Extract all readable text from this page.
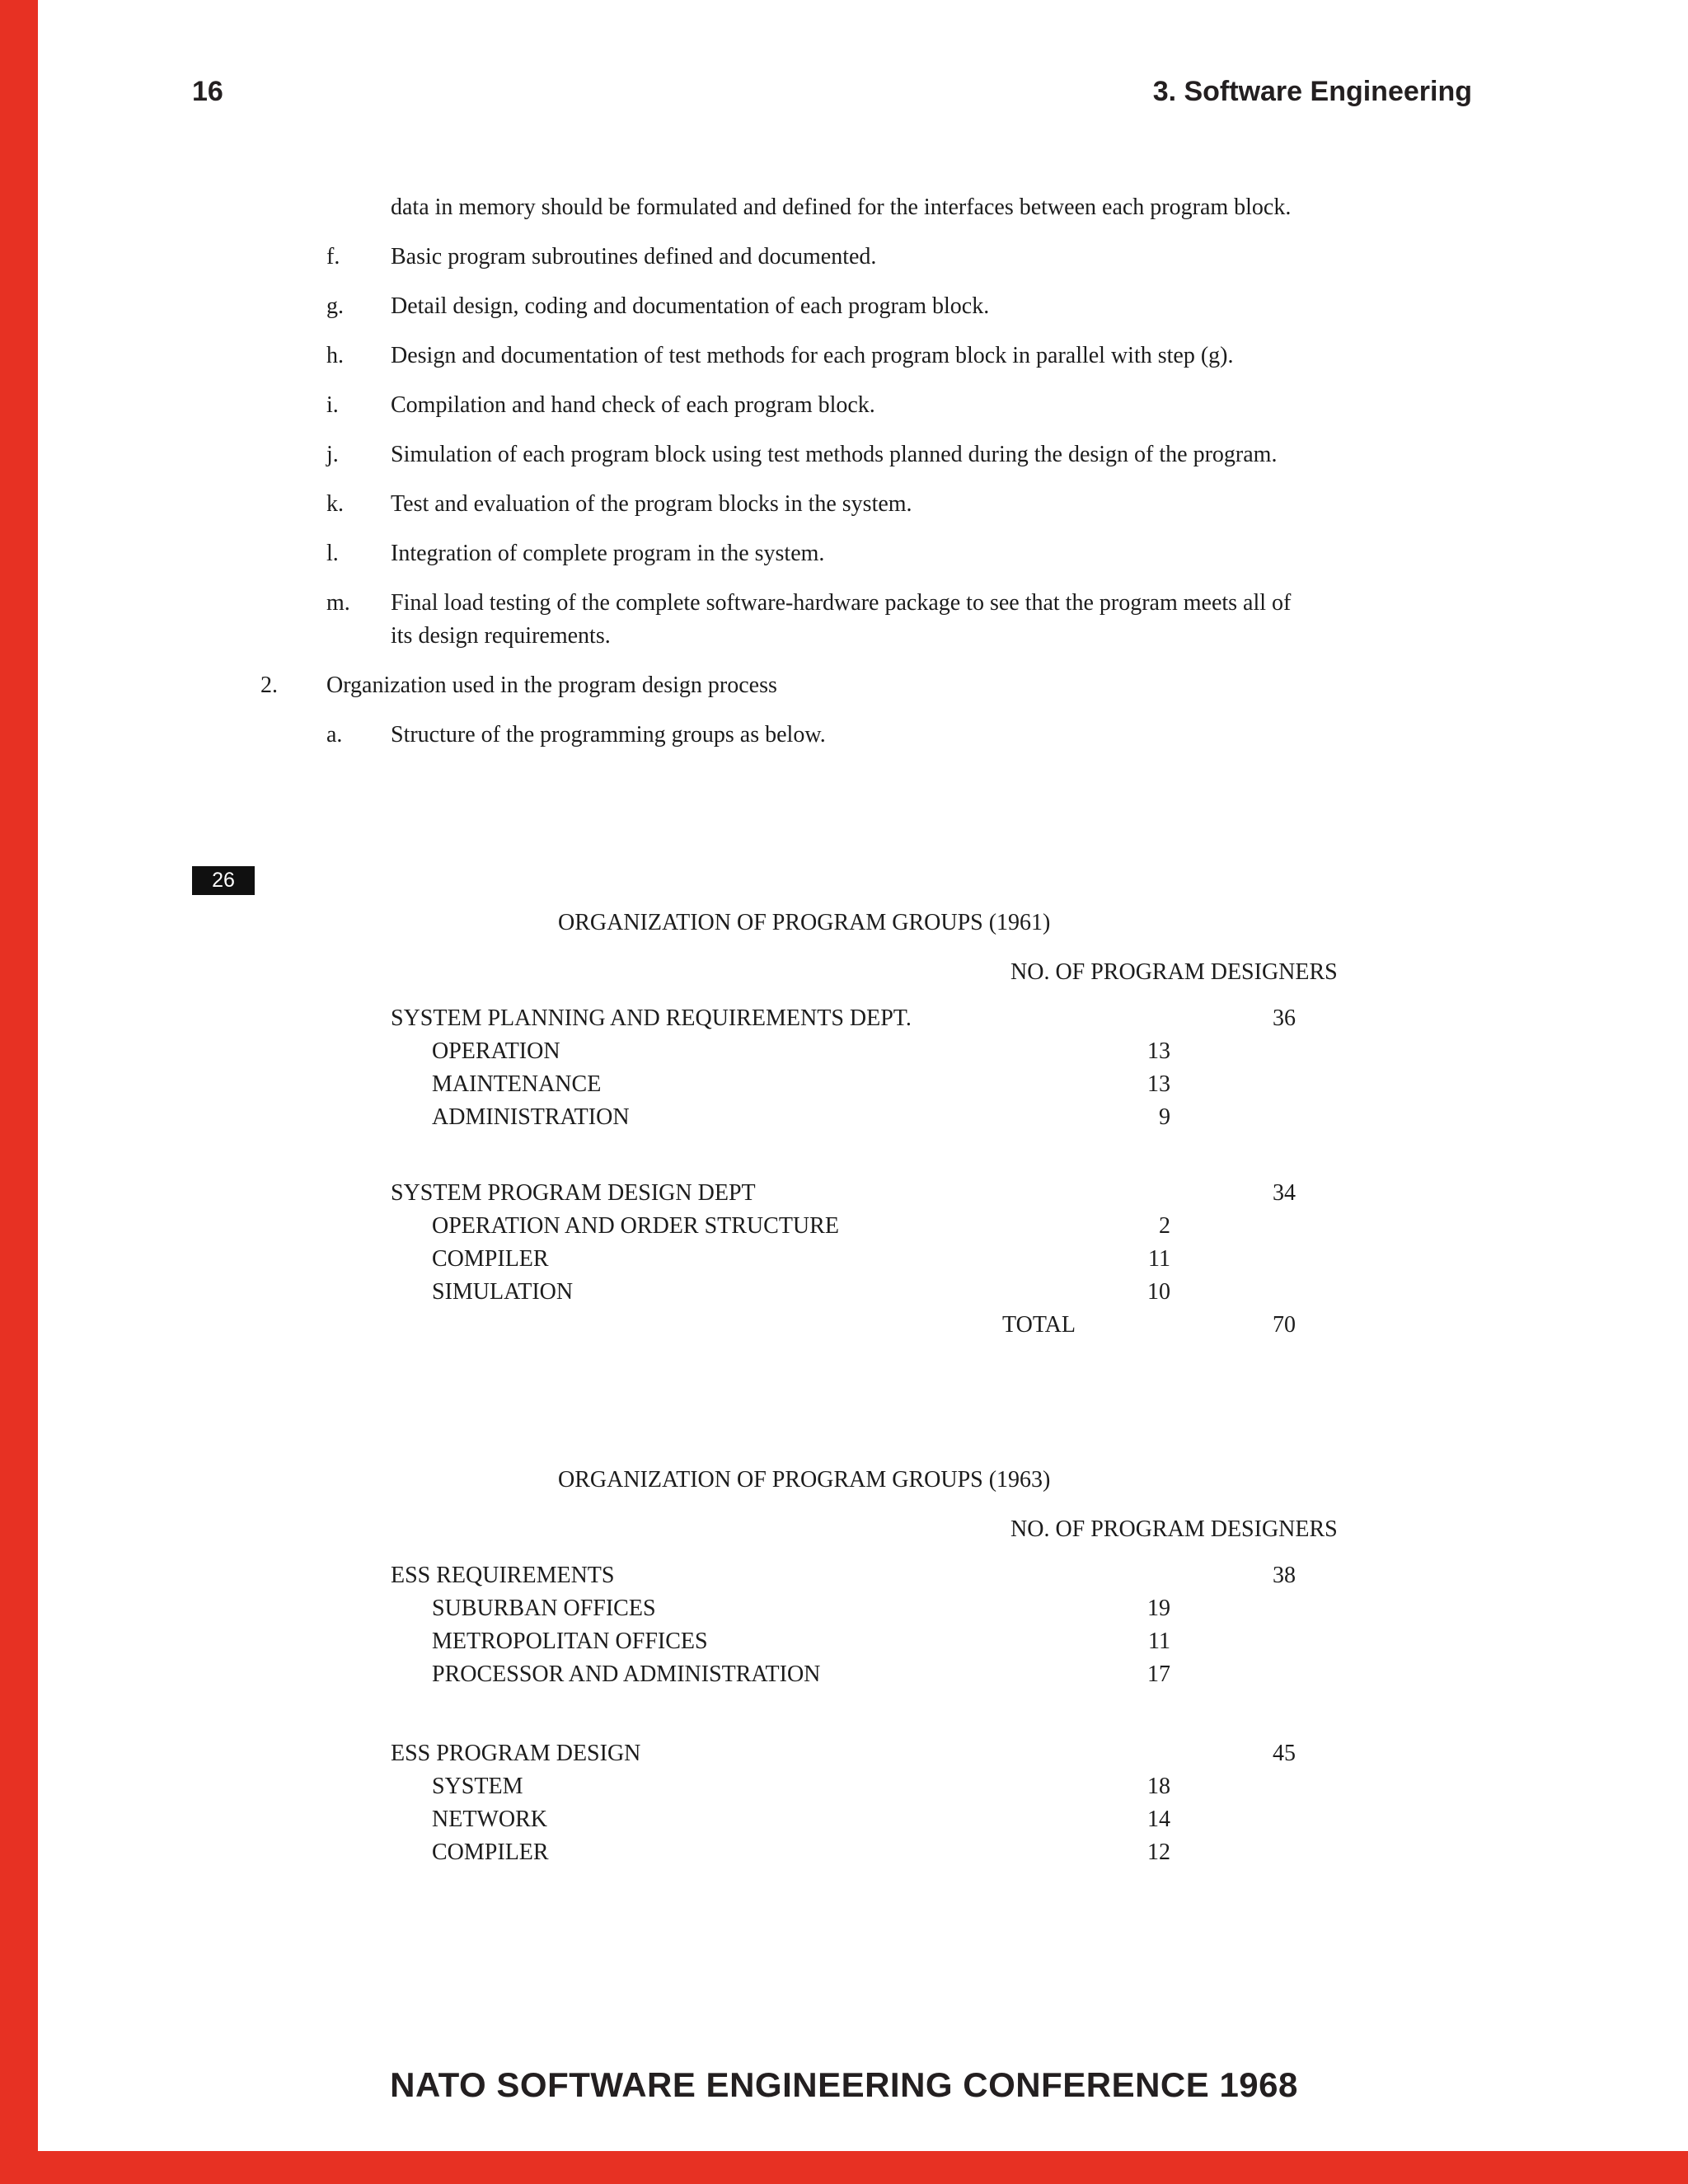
16	3. Software Engineering

data in memory should be formulated and defined for the interfaces between each program block.

f. Basic program subroutines defined and documented.
g. Detail design, coding and documentation of each program block.
h. Design and documentation of test methods for each program block in parallel with step (g).
i. Compilation and hand check of each program block.
j. Simulation of each program block using test methods planned during the design of the program.
k. Test and evaluation of the program blocks in the system.
l. Integration of complete program in the system.
m. Final load testing of the complete software-hardware package to see that the program meets all of its design requirements.
2. Organization used in the program design process
a. Structure of the programming groups as below.
26
ORGANIZATION OF PROGRAM GROUPS (1961)
NO. OF PROGRAM DESIGNERS
SYSTEM PLANNING AND REQUIREMENTS DEPT.	36
OPERATION	13
MAINTENANCE	13
ADMINISTRATION	9
SYSTEM PROGRAM DESIGN DEPT	34
OPERATION AND ORDER STRUCTURE	2
COMPILER	11
SIMULATION	10
TOTAL	70
ORGANIZATION OF PROGRAM GROUPS (1963)
NO. OF PROGRAM DESIGNERS
ESS REQUIREMENTS	38
SUBURBAN OFFICES	19
METROPOLITAN OFFICES	11
PROCESSOR AND ADMINISTRATION	17
ESS PROGRAM DESIGN	45
SYSTEM	18
NETWORK	14
COMPILER	12
NATO SOFTWARE ENGINEERING CONFERENCE 1968
